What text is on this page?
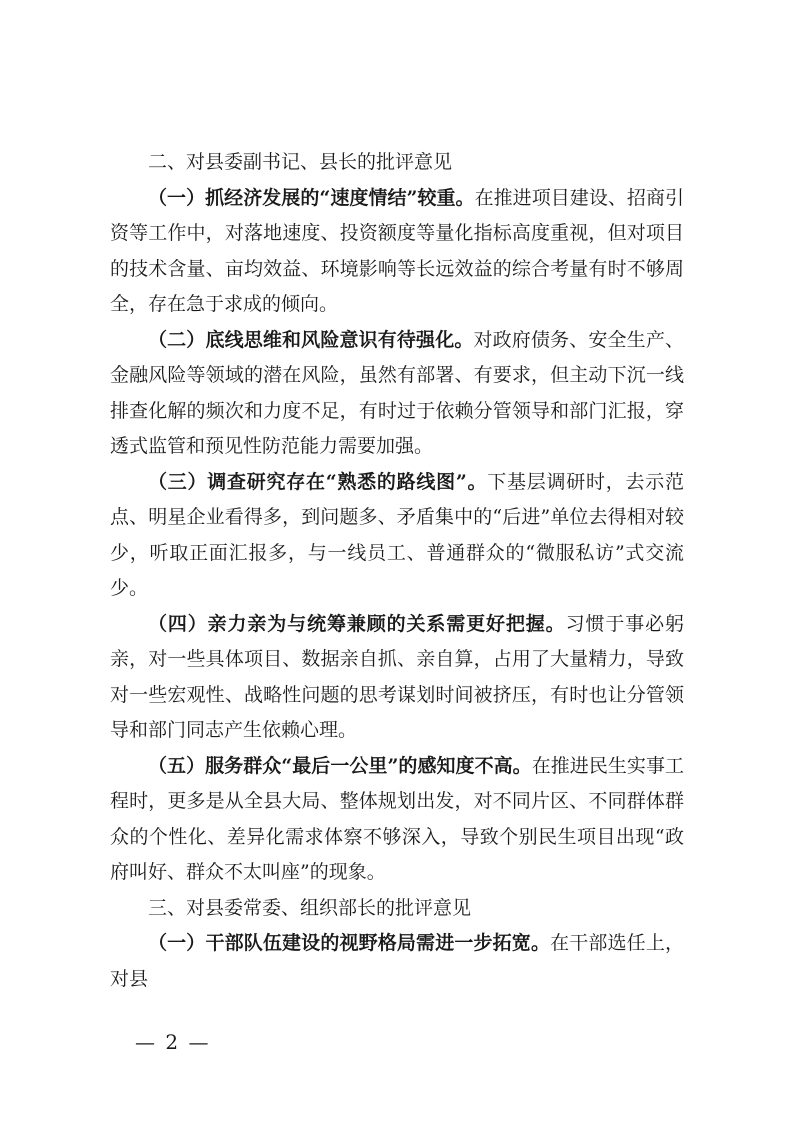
二、对县委副书记、县长的批评意见

（一）抓经济发展的“速度情结”较重。在推进项目建设、招商引资等工作中，对落地速度、投资额度等量化指标高度重视，但对项目的技术含量、亩均效益、环境影响等长远效益的综合考量有时不够周全，存在急于求成的倾向。

（二）底线思维和风险意识有待强化。对政府债务、安全生产、金融风险等领域的潜在风险，虽然有部署、有要求，但主动下沉一线排查化解的频次和力度不足，有时过于依赖分管领导和部门汇报，穿透式监管和预见性防范能力需要加强。

（三）调查研究存在“熟悉的路线图”。下基层调研时，去示范点、明星企业看得多，到问题多、矛盾集中的“后进”单位去得相对较少，听取正面汇报多，与一线员工、普通群众的“微服私访”式交流少。

（四）亲力亲为与统筹兼顾的关系需更好把握。习惯于事必躬亲，对一些具体项目、数据亲自抓、亲自算，占用了大量精力，导致对一些宏观性、战略性问题的思考谋划时间被挤压，有时也让分管领导和部门同志产生依赖心理。

（五）服务群众“最后一公里”的感知度不高。在推进民生实事工程时，更多是从全县大局、整体规划出发，对不同片区、不同群体群众的个性化、差异化需求体察不够深入，导致个别民生项目出现“政府叫好、群众不太叫座”的现象。

三、对县委常委、组织部长的批评意见

（一）干部队伍建设的视野格局需进一步拓宽。在干部选任上，对县

— 2 —
